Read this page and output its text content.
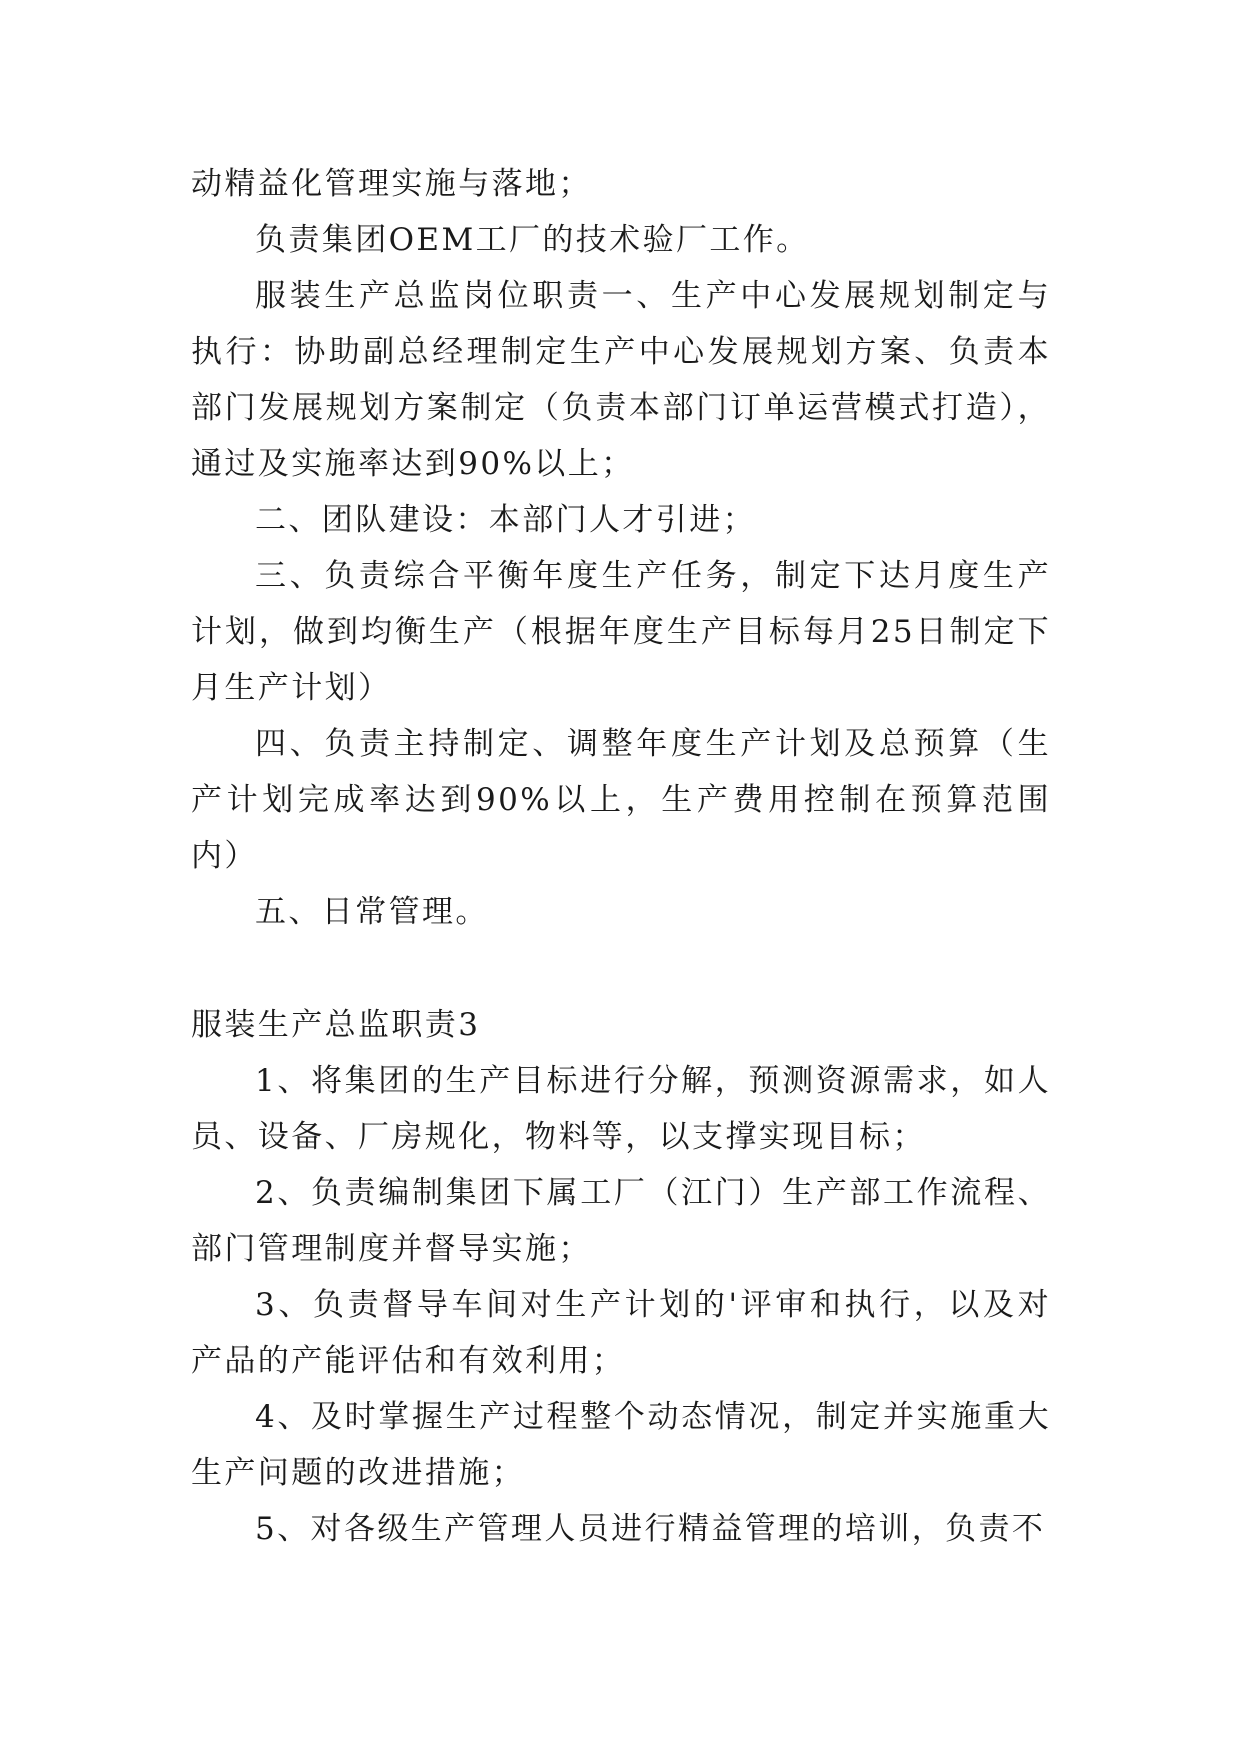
动精益化管理实施与落地；

负责集团OEM工厂的技术验厂工作。

服装生产总监岗位职责一、生产中心发展规划制定与执行：协助副总经理制定生产中心发展规划方案、负责本部门发展规划方案制定（负责本部门订单运营模式打造），通过及实施率达到90%以上；

二、团队建设：本部门人才引进；

三、负责综合平衡年度生产任务，制定下达月度生产计划，做到均衡生产（根据年度生产目标每月25日制定下月生产计划）

四、负责主持制定、调整年度生产计划及总预算（生产计划完成率达到90%以上，生产费用控制在预算范围内）

五、日常管理。

服装生产总监职责3

1、将集团的生产目标进行分解，预测资源需求，如人员、设备、厂房规化，物料等，以支撑实现目标；

2、负责编制集团下属工厂（江门）生产部工作流程、部门管理制度并督导实施；

3、负责督导车间对生产计划的'评审和执行，以及对产品的产能评估和有效利用；

4、及时掌握生产过程整个动态情况，制定并实施重大生产问题的改进措施；

5、对各级生产管理人员进行精益管理的培训，负责不
